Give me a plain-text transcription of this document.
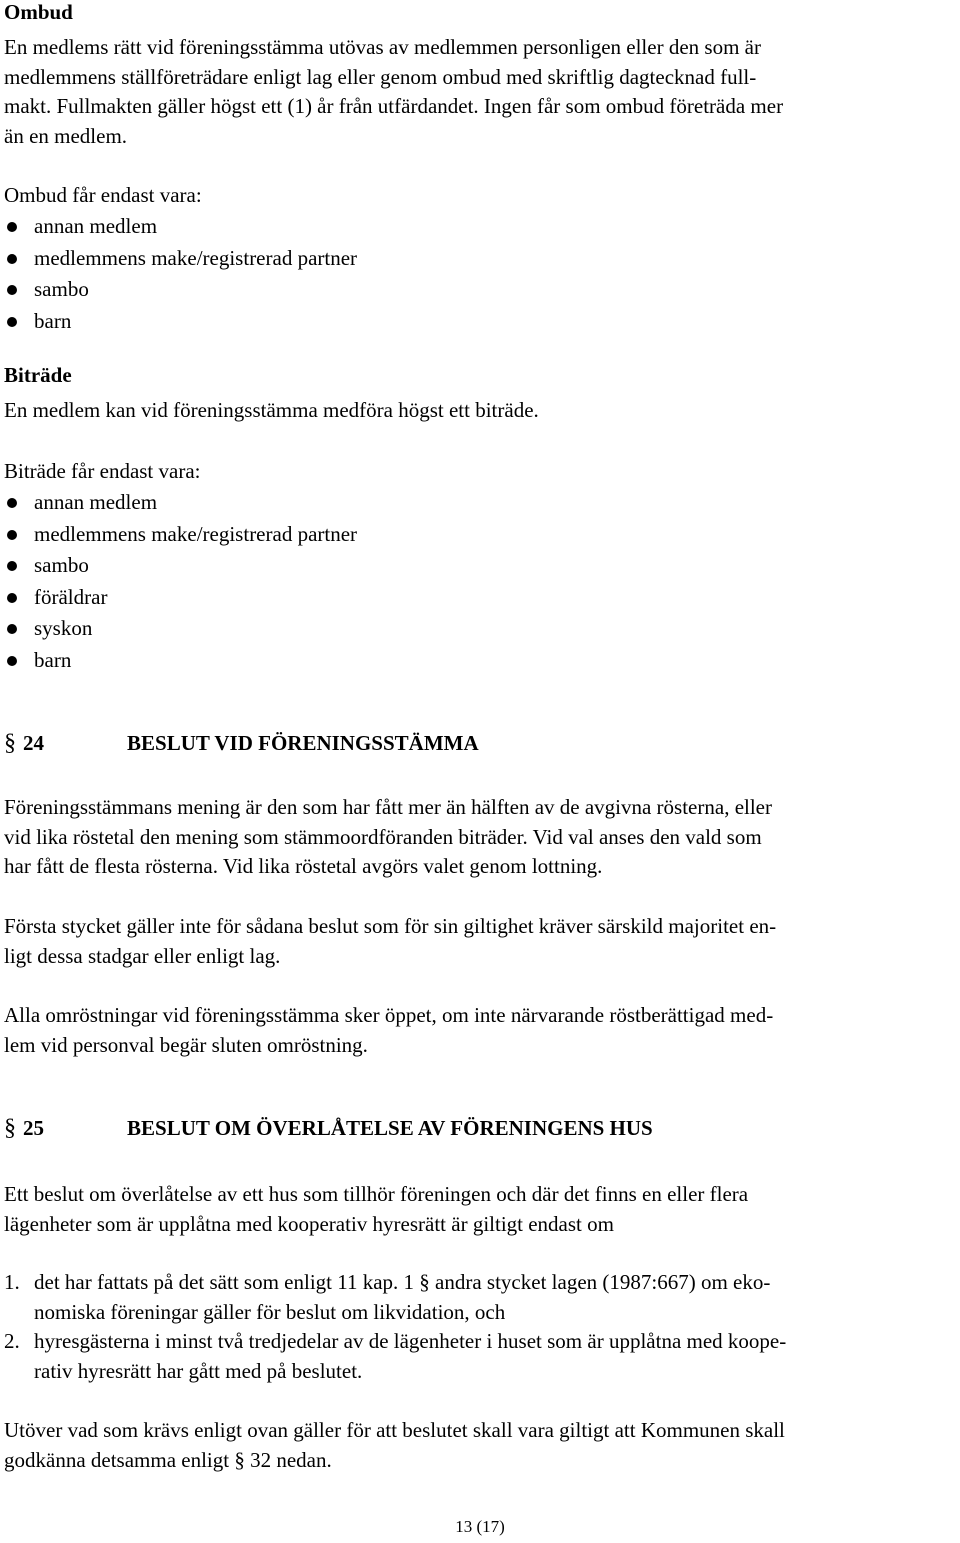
Ombud
En medlems rätt vid föreningsstämma utövas av medlemmen personligen eller den som är
medlemmens ställföreträdare enligt lag eller genom ombud med skriftlig dagtecknad full-
makt. Fullmakten gäller högst ett (1) år från utfärdandet. Ingen får som ombud företräda mer
än en medlem.
Ombud får endast vara:
annan medlem
medlemmens make/registrerad partner
sambo
barn
Biträde
En medlem kan vid föreningsstämma medföra högst ett biträde.
Biträde får endast vara:
annan medlem
medlemmens make/registrerad partner
sambo
föräldrar
syskon
barn
§ 24	BESLUT VID FÖRENINGSSTÄMMA
Föreningsstämmans mening är den som har fått mer än hälften av de avgivna rösterna, eller
vid lika röstetal den mening som stämmoordföranden biträder. Vid val anses den vald som
har fått de flesta rösterna. Vid lika röstetal avgörs valet genom lottning.
Första stycket gäller inte för sådana beslut som för sin giltighet kräver särskild majoritet en-
ligt dessa stadgar eller enligt lag.
Alla omröstningar vid föreningsstämma sker öppet, om inte närvarande röstberättigad med-
lem vid personval begär sluten omröstning.
§ 25	BESLUT OM ÖVERLÅTELSE AV FÖRENINGENS HUS
Ett beslut om överlåtelse av ett hus som tillhör föreningen och där det finns en eller flera
lägenheter som är upplåtna med kooperativ hyresrätt är giltigt endast om
1. det har fattats på det sätt som enligt 11 kap. 1 § andra stycket lagen (1987:667) om eko-
nomiska föreningar gäller för beslut om likvidation, och
2. hyresgästerna i minst två tredjedelar av de lägenheter i huset som är upplåtna med koope-
rativ hyresrätt har gått med på beslutet.
Utöver vad som krävs enligt ovan gäller för att beslutet skall vara giltigt att Kommunen skall
godkänna detsamma enligt § 32 nedan.
13 (17)
